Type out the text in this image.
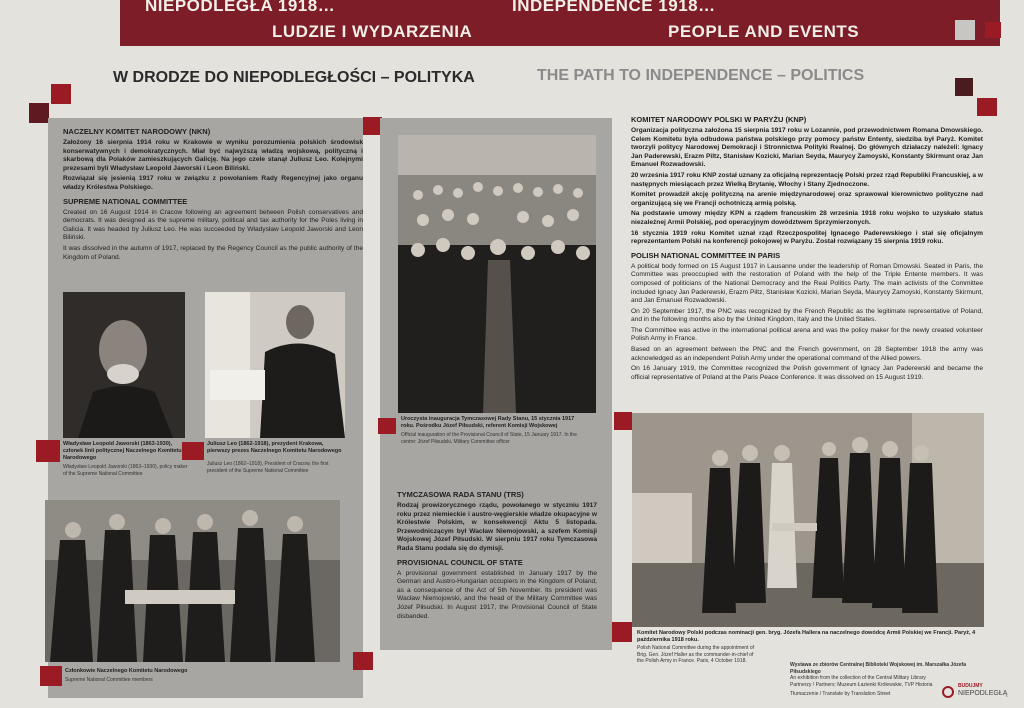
NIEPODLEGŁA 1918…
LUDZIE I WYDARZENIA
INDEPENDENCE 1918…
PEOPLE AND EVENTS
W DRODZE DO NIEPODLEGŁOŚCI – POLITYKA	THE PATH TO INDEPENDENCE – POLITICS
NACZELNY KOMITET NARODOWY (NKN)

Założony 16 sierpnia 1914 roku w Krakowie w wyniku porozumienia polskich środowisk konserwatywnych i demokratycznych. Miał być najwyższą władzą wojskową, polityczną i skarbową dla Polaków zamieszkujących Galicję. Na jego czele stanął Juliusz Leo. Kolejnymi prezesami byli Władysław Leopold Jaworski i Leon Biliński.

Rozwiązał się jesienią 1917 roku w związku z powołaniem Rady Regencyjnej jako organu władzy Królestwa Polskiego.

SUPREME NATIONAL COMMITTEE

Created on 16 August 1914 in Cracow following an agreement between Polish conservatives and democrats. It was designed as the supreme military, political and tax authority for the Poles living in Galicia. It was headed by Juliusz Leo. He was succeeded by Władysław Leopold Jaworski and Leon Biliński.

It was dissolved in the autumn of 1917, replaced by the Regency Council as the public authority of the Kingdom of Poland.

Władysław Leopold Jaworski (1863-1930), członek linii politycznej Naczelnego Komitetu Narodowego
Władysław Leopold Jaworski (1863–1930), policy maker of the Supreme National Committee
Juliusz Leo (1862-1918), prezydent Krakowa, pierwszy prezes Naczelnego Komitetu Narodowego
Juliusz Leo (1862–1918), President of Cracow, the first president of the Supreme National Committee
Członkowie Naczelnego Komitetu Narodowego
Supreme National Committee members
Uroczysta inauguracja Tymczasowej Rady Stanu, 15 stycznia 1917 roku. Pośrodku Józef Piłsudski, referent Komisji Wojskowej
Official inauguration of the Provisional Council of State, 15 January 1917. In the centre: Józef Piłsudski, Military Committee officer
TYMCZASOWA RADA STANU (TRS)

Rodzaj prowizorycznego rządu, powołanego w styczniu 1917 roku przez niemieckie i austro-węgierskie władze okupacyjne w Królestwie Polskim, w konsekwencji Aktu 5 listopada. Przewodniczącym był Wacław Niemojowski, a szefem Komisji Wojskowej Józef Piłsudski. W sierpniu 1917 roku Tymczasowa Rada Stanu podała się do dymisji.

PROVISIONAL COUNCIL OF STATE

A provisional government established in January 1917 by the German and Austro-Hungarian occupiers in the Kingdom of Poland, as a consequence of the Act of 5th November. Its president was Wacław Niemojowski, and the head of the Military Committee was Józef Piłsudski. In August 1917, the Provisional Council of State disbanded.

KOMITET NARODOWY POLSKI W PARYŻU (KNP)

Organizacja polityczna założona 15 sierpnia 1917 roku w Lozannie, pod przewodnictwem Romana Dmowskiego. Celem Komitetu była odbudowa państwa polskiego przy pomocy państw Ententy, siedziba był Paryż. Komitet tworzyli politycy Narodowej Demokracji i Stronnictwa Polityki Realnej. Do głównych działaczy należeli: Ignacy Jan Paderewski, Erazm Piltz, Stanisław Kozicki, Marian Seyda, Maurycy Zamoyski, Konstanty Skirmunt oraz Jan Emanuel Rozwadowski.

20 września 1917 roku KNP został uznany za oficjalną reprezentację Polski przez rząd Republiki Francuskiej, a w następnych miesiącach przez Wielką Brytanię, Włochy i Stany Zjednoczone.

Komitet prowadził akcję polityczną na arenie międzynarodowej oraz sprawował kierownictwo polityczne nad organizującą się we Francji ochotniczą armią polską.

Na podstawie umowy między KPN a rządem francuskim 28 września 1918 roku wojsko to uzyskało status niezależnej Armii Polskiej, pod operacyjnym dowództwem Sprzymierzonych.

16 stycznia 1919 roku Komitet uznał rząd Rzeczpospolitej Ignacego Paderewskiego i stał się oficjalnym reprezentantem Polski na konferencji pokojowej w Paryżu. Został rozwiązany 15 sierpnia 1919 roku.

POLISH NATIONAL COMMITTEE IN PARIS

A political body formed on 15 August 1917 in Lausanne under the leadership of Roman Dmowski. Seated in Paris, the Committee was preoccupied with the restoration of Poland with the help of the Triple Entente members. It was composed of politicians of the National Democracy and the Real Politics Party. The main activists of the Committee included Ignacy Jan Paderewski, Erazm Piltz, Stanisław Kozicki, Marian Seyda, Maurycy Zamoyski, Konstanty Skirmunt, and Jan Emanuel Rozwadowski.

On 20 September 1917, the PNC was recognized by the French Republic as the legitimate representative of Poland, and in the following months also by the United Kingdom, Italy and the United States.

The Committee was active in the international political arena and was the policy maker for the newly created volunteer Polish Army in France.

Based on an agreement between the PNC and the French government, on 28 September 1918 the army was acknowledged as an independent Polish Army under the operational command of the Allied powers.

On 16 January 1919, the Committee recognized the Polish government of Ignacy Jan Paderewski and became the official representative of Poland at the Paris Peace Conference. It was dissolved on 15 August 1919.

Komitet Narodowy Polski podczas nominacji gen. bryg. Józefa Hallera na naczelnego dowódcę Armii Polskiej we Francji. Paryż, 4 października 1918 roku.
Polish National Committee during the appointment of Brig. Gen. Józef Haller as the commander-in-chief of the Polish Army in France. Paris, 4 October 1918.
Wystawa ze zbiorów Centralnej Biblioteki Wojskowej im. Marszałka Józefa Piłsudskiego
An exhibition from the collection of the Central Military Library
Partnerzy / Partners: Muzeum Łazienki Królewskie, TVP Historia
Tłumaczenie / Translate by Translation Street
BUDUJMY
NIEPODLEGŁĄ
